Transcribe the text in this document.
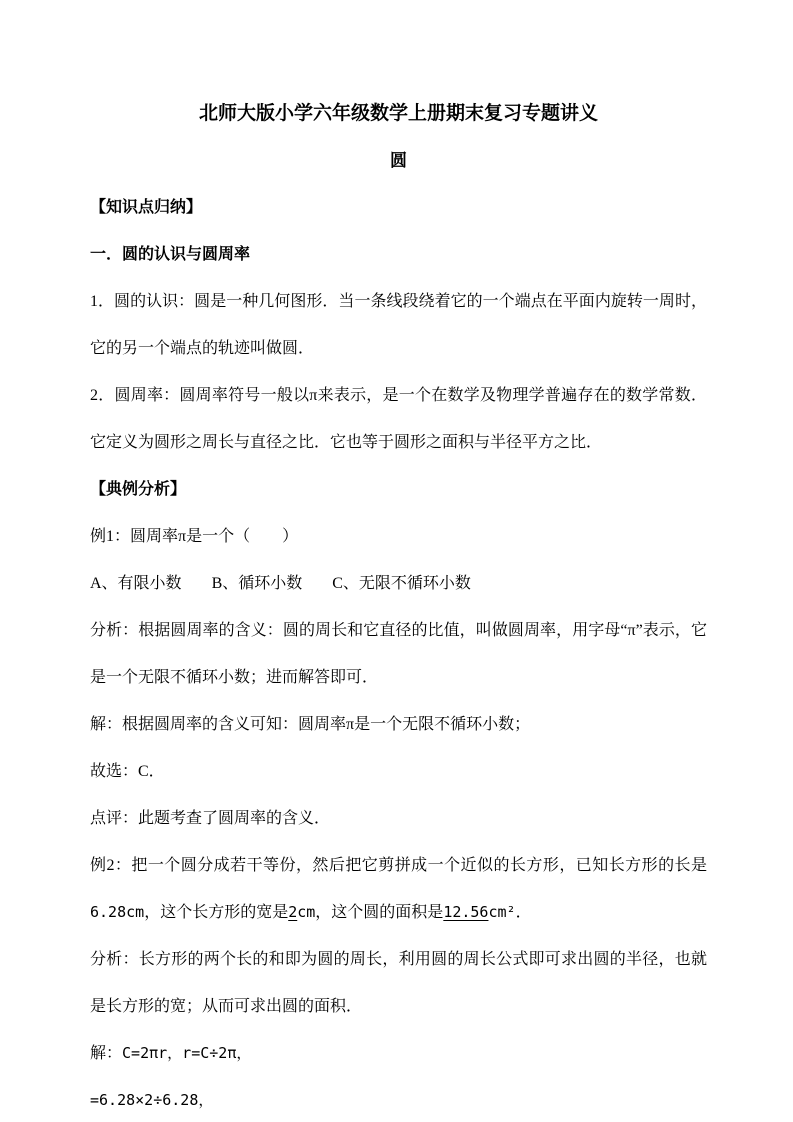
北师大版小学六年级数学上册期末复习专题讲义
圆

【知识点归纳】

一．圆的认识与圆周率

1．圆的认识：圆是一种几何图形．当一条线段绕着它的一个端点在平面内旋转一周时，它的另一个端点的轨迹叫做圆．

2．圆周率：圆周率符号一般以π来表示，是一个在数学及物理学普遍存在的数学常数．它定义为圆形之周长与直径之比．它也等于圆形之面积与半径平方之比．

【典例分析】

例1：圆周率π是一个（　　）

A、有限小数 B、循环小数 C、无限不循环小数

分析：根据圆周率的含义：圆的周长和它直径的比值，叫做圆周率，用字母“π”表示，它是一个无限不循环小数；进而解答即可．

解：根据圆周率的含义可知：圆周率π是一个无限不循环小数；

故选：C．

点评：此题考查了圆周率的含义．

例2：把一个圆分成若干等份，然后把它剪拼成一个近似的长方形，已知长方形的长是6.28cm，这个长方形的宽是2cm，这个圆的面积是12.56cm²．

分析：长方形的两个长的和即为圆的周长，利用圆的周长公式即可求出圆的半径，也就是长方形的宽；从而可求出圆的面积．

解：C=2πr，r=C÷2π，

=6.28×2÷6.28，
